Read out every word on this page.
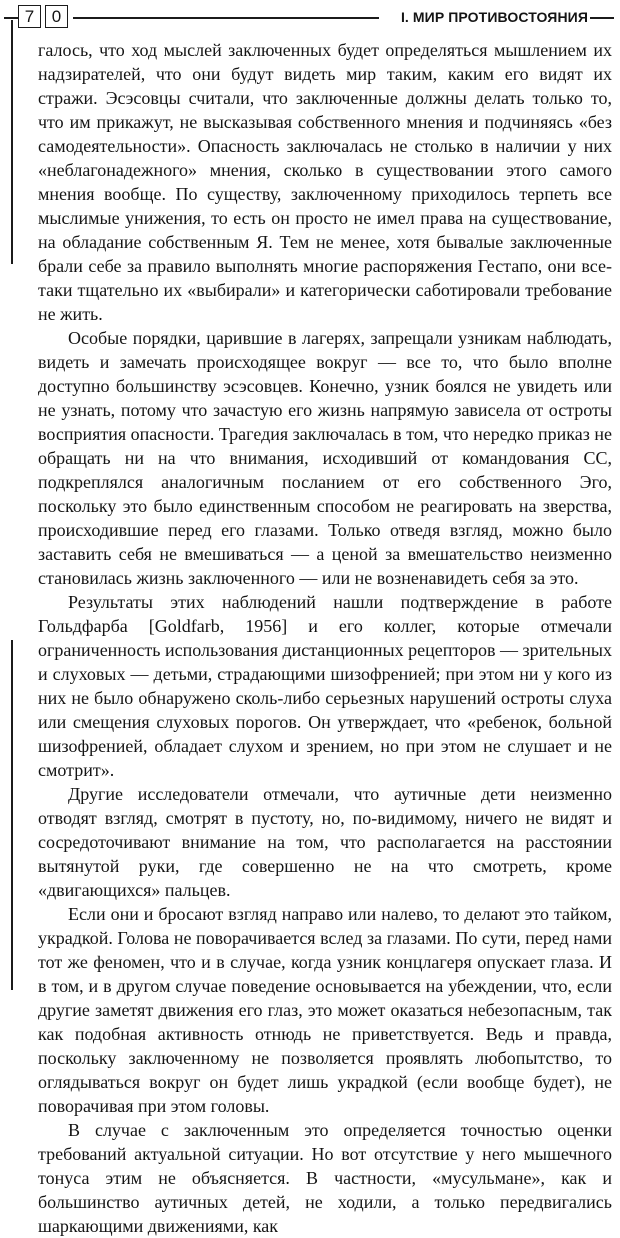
7 0	I. МИР ПРОТИВОСТОЯНИЯ

галось, что ход мыслей заключенных будет определяться мышлением их надзирателей, что они будут видеть мир таким, каким его видят их стражи. Эсэсовцы считали, что заключенные должны делать только то, что им прикажут, не высказывая собственного мнения и подчиняясь «без самодеятельности». Опасность заключалась не столько в наличии у них «неблагонадежного» мнения, сколько в существовании этого самого мнения вообще. По существу, заключенному приходилось терпеть все мыслимые унижения, то есть он просто не имел права на существование, на обладание собственным Я. Тем не менее, хотя бывалые заключенные брали себе за правило выполнять многие распоряжения Гестапо, они все-таки тщательно их «выбирали» и категорически саботировали требование не жить.

Особые порядки, царившие в лагерях, запрещали узникам наблюдать, видеть и замечать происходящее вокруг — все то, что было вполне доступно большинству эсэсовцев. Конечно, узник боялся не увидеть или не узнать, потому что зачастую его жизнь напрямую зависела от остроты восприятия опасности. Трагедия заключалась в том, что нередко приказ не обращать ни на что внимания, исходивший от командования СС, подкреплялся аналогичным посланием от его собственного Эго, поскольку это было единственным способом не реагировать на зверства, происходившие перед его глазами. Только отведя взгляд, можно было заставить себя не вмешиваться — а ценой за вмешательство неизменно становилась жизнь заключенного — или не возненавидеть себя за это.

Результаты этих наблюдений нашли подтверждение в работе Гольдфарба [Goldfarb, 1956] и его коллег, которые отмечали ограниченность использования дистанционных рецепторов — зрительных и слуховых — детьми, страдающими шизофренией; при этом ни у кого из них не было обнаружено сколь-либо серьезных нарушений остроты слуха или смещения слуховых порогов. Он утверждает, что «ребенок, больной шизофренией, обладает слухом и зрением, но при этом не слушает и не смотрит».

Другие исследователи отмечали, что аутичные дети неизменно отводят взгляд, смотрят в пустоту, но, по-видимому, ничего не видят и сосредоточивают внимание на том, что располагается на расстоянии вытянутой руки, где совершенно не на что смотреть, кроме «двигающихся» пальцев.

Если они и бросают взгляд направо или налево, то делают это тайком, украдкой. Голова не поворачивается вслед за глазами. По сути, перед нами тот же феномен, что и в случае, когда узник концлагеря опускает глаза. И в том, и в другом случае поведение основывается на убеждении, что, если другие заметят движения его глаз, это может оказаться небезопасным, так как подобная активность отнюдь не приветствуется. Ведь и правда, поскольку заключенному не позволяется проявлять любопытство, то оглядываться вокруг он будет лишь украдкой (если вообще будет), не поворачивая при этом головы.

В случае с заключенным это определяется точностью оценки требований актуальной ситуации. Но вот отсутствие у него мышечного тонуса этим не объясняется. В частности, «мусульмане», как и большинство аутичных детей, не ходили, а только передвигались шаркающими движениями, как
